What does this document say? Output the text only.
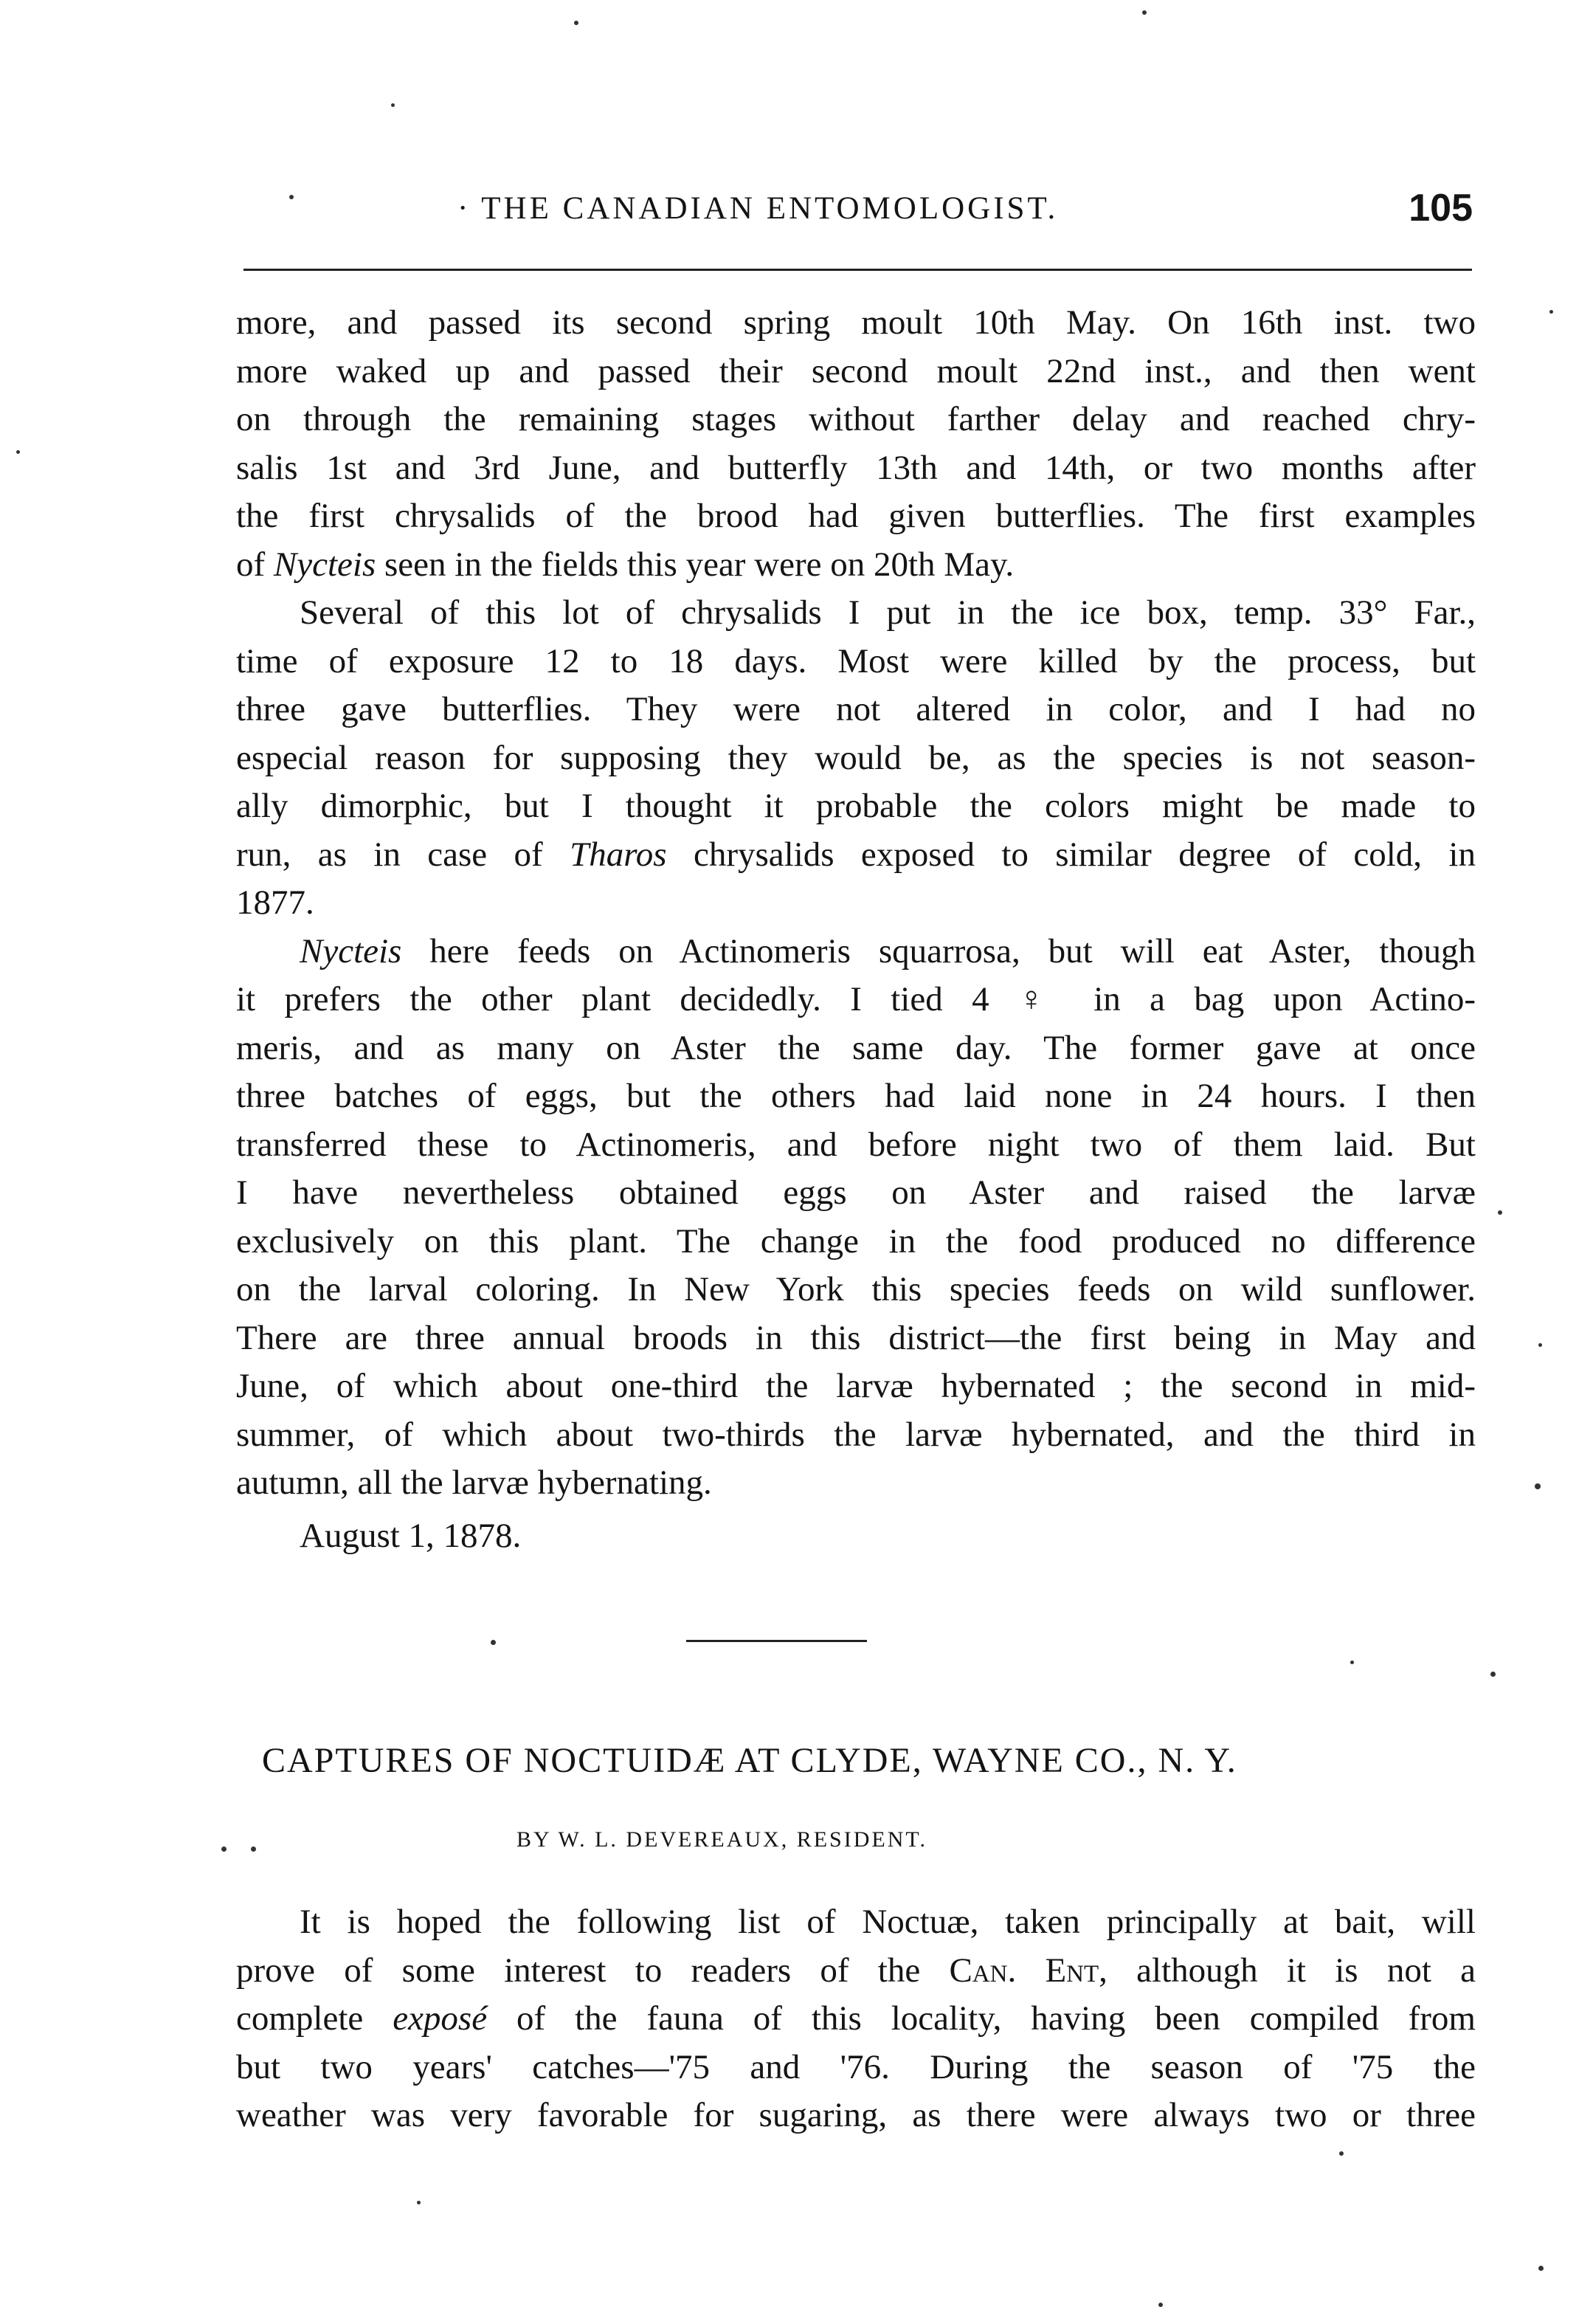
· THE CANADIAN ENTOMOLOGIST.	105
more, and passed its second spring moult 10th May. On 16th inst. two
more waked up and passed their second moult 22nd inst., and then went
on through the remaining stages without farther delay and reached chry-
salis 1st and 3rd June, and butterfly 13th and 14th, or two months after
the first chrysalids of the brood had given butterflies. The first examples
of Nycteis seen in the fields this year were on 20th May.
Several of this lot of chrysalids I put in the ice box, temp. 33° Far.,
time of exposure 12 to 18 days. Most were killed by the process, but
three gave butterflies. They were not altered in color, and I had no
especial reason for supposing they would be, as the species is not season-
ally dimorphic, but I thought it probable the colors might be made to
run, as in case of Tharos chrysalids exposed to similar degree of cold, in
1877.
Nycteis here feeds on Actinomeris squarrosa, but will eat Aster, though
it prefers the other plant decidedly. I tied 4 ♀ in a bag upon Actino-
meris, and as many on Aster the same day. The former gave at once
three batches of eggs, but the others had laid none in 24 hours. I then
transferred these to Actinomeris, and before night two of them laid. But
I have nevertheless obtained eggs on Aster and raised the larvæ
exclusively on this plant. The change in the food produced no difference
on the larval coloring. In New York this species feeds on wild sunflower.
There are three annual broods in this district—the first being in May and
June, of which about one-third the larvæ hybernated ; the second in mid-
summer, of which about two-thirds the larvæ hybernated, and the third in
autumn, all the larvæ hybernating.
August 1, 1878.
CAPTURES OF NOCTUIDÆ AT CLYDE, WAYNE CO., N. Y.
BY W. L. DEVEREAUX, RESIDENT.
It is hoped the following list of Noctuæ, taken principally at bait, will
prove of some interest to readers of the Can. Ent, although it is not a
complete exposé of the fauna of this locality, having been compiled from
but two years' catches—'75 and '76. During the season of '75 the
weather was very favorable for sugaring, as there were always two or three
